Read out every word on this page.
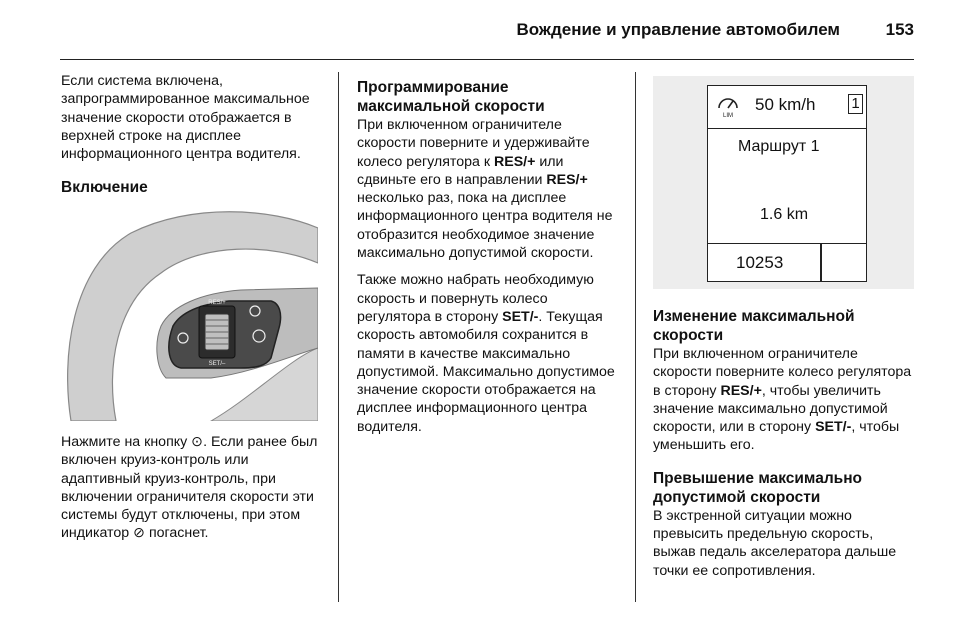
Вождение и управление автомобилем	153

Если система включена, запрограммированное максимальное значение скорости отображается в верхней строке на дисплее информационного центра водителя.

Включение
RES/+
SET/–

Нажмите на кнопку ⊙. Если ранее был включен круиз-контроль или адаптивный круиз-контроль, при включении ограничителя скорости эти системы будут отключены, при этом индикатор ⊘ погаснет.

Программирование максимальной скорости

При включенном ограничителе скорости поверните и удерживайте колесо регулятора к RES/+ или сдвиньте его в направлении RES/+ несколько раз, пока на дисплее информационного центра водителя не отобразится необходимое значение максимально допустимой скорости.

Также можно набрать необходимую скорость и повернуть колесо регулятора в сторону SET/-. Текущая скорость автомобиля сохранится в памяти в качестве максимально допустимой. Максимально допустимое значение скорости отображается на дисплее информационного центра водителя.

LIM
50 km/h 1
Маршрут 1
1.6 km
10253
Изменение максимальной скорости

При включенном ограничителе скорости поверните колесо регулятора в сторону RES/+, чтобы увеличить значение максимально допустимой скорости, или в сторону SET/-, чтобы уменьшить его.

Превышение максимально допустимой скорости

В экстренной ситуации можно превысить предельную скорость, выжав педаль акселератора дальше точки ее сопротивления.
